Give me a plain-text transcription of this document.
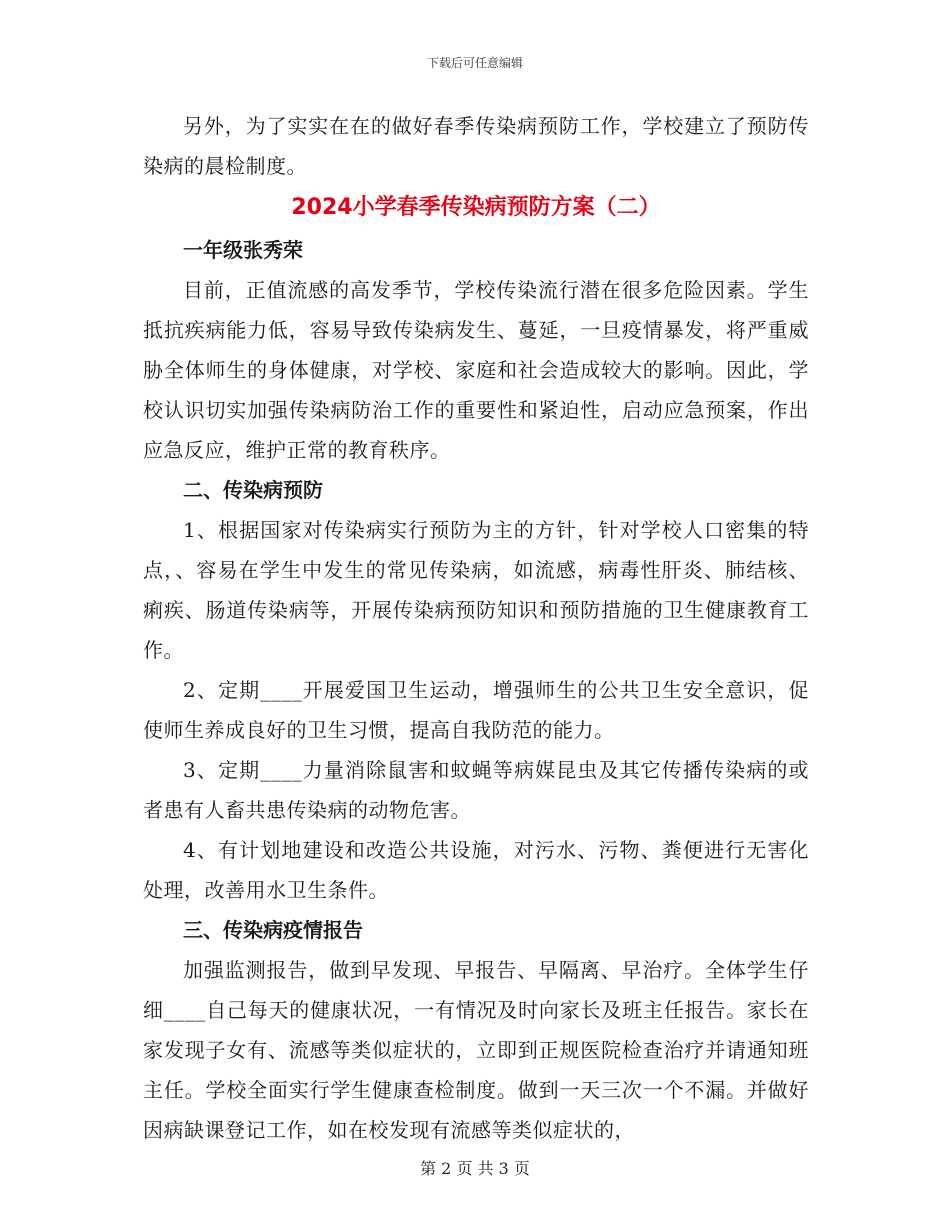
下载后可任意编辑

另外，为了实实在在的做好春季传染病预防工作，学校建立了预防传染病的晨检制度。

2024小学春季传染病预防方案（二）

一年级张秀荣

目前，正值流感的高发季节，学校传染流行潜在很多危险因素。学生抵抗疾病能力低，容易导致传染病发生、蔓延，一旦疫情暴发，将严重威胁全体师生的身体健康，对学校、家庭和社会造成较大的影响。因此，学校认识切实加强传染病防治工作的重要性和紧迫性，启动应急预案，作出应急反应，维护正常的教育秩序。

二、传染病预防

1、根据国家对传染病实行预防为主的方针，针对学校人口密集的特点，、容易在学生中发生的常见传染病，如流感，病毒性肝炎、肺结核、痢疾、肠道传染病等，开展传染病预防知识和预防措施的卫生健康教育工作。

2、定期____开展爱国卫生运动，增强师生的公共卫生安全意识，促使师生养成良好的卫生习惯，提高自我防范的能力。

3、定期____力量消除鼠害和蚊蝇等病媒昆虫及其它传播传染病的或者患有人畜共患传染病的动物危害。

4、有计划地建设和改造公共设施，对污水、污物、粪便进行无害化处理，改善用水卫生条件。

三、传染病疫情报告

加强监测报告，做到早发现、早报告、早隔离、早治疗。全体学生仔细____自己每天的健康状况，一有情况及时向家长及班主任报告。家长在家发现子女有、流感等类似症状的，立即到正规医院检查治疗并请通知班主任。学校全面实行学生健康查检制度。做到一天三次一个不漏。并做好因病缺课登记工作，如在校发现有流感等类似症状的，

第 2 页 共 3 页
